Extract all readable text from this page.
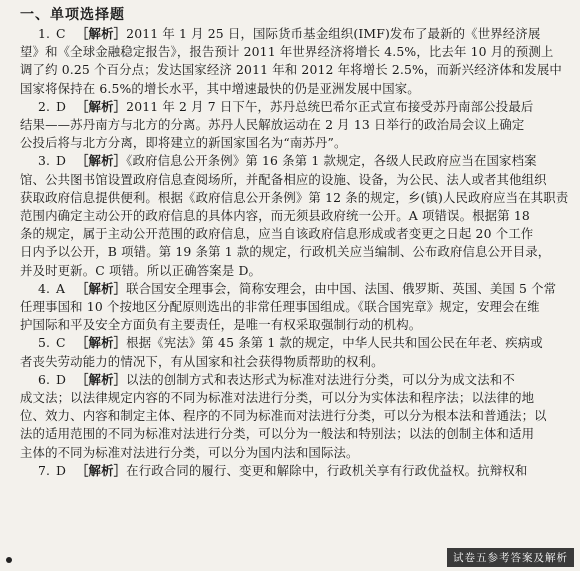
一、单项选择题
1. C ［解析］2011 年 1 月 25 日，国际货币基金组织(IMF)发布了最新的《世界经济展
望》和《全球金融稳定报告》，报告预计 2011 年世界经济将增长 4.5%，比去年 10 月的预测上
调了约 0.25 个百分点；发达国家经济 2011 年和 2012 年将增长 2.5%，而新兴经济体和发展中
国家将保持在 6.5%的增长水平，其中增速最快的仍是亚洲发展中国家。
2. D ［解析］2011 年 2 月 7 日下午，苏丹总统巴希尔正式宣布接受苏丹南部公投最后
结果——苏丹南方与北方的分离。苏丹人民解放运动在 2 月 13 日举行的政治局会议上确定
公投后将与北方分离，即将建立的新国家国名为“南苏丹”。
3. D ［解析］《政府信息公开条例》第 16 条第 1 款规定，各级人民政府应当在国家档案
馆、公共图书馆设置政府信息查阅场所，并配备相应的设施、设备，为公民、法人或者其他组织
获取政府信息提供便利。根据《政府信息公开条例》第 12 条的规定，乡(镇)人民政府应当在其职责
范围内确定主动公开的政府信息的具体内容，而无须县政府统一公开。A 项错误。根据第 18
条的规定，属于主动公开范围的政府信息，应当自该政府信息形成或者变更之日起 20 个工作
日内予以公开，B 项错。第 19 条第 1 款的规定，行政机关应当编制、公布政府信息公开目录，
并及时更新。C 项错。所以正确答案是 D。
4. A ［解析］联合国安全理事会，简称安理会，由中国、法国、俄罗斯、英国、美国 5 个常
任理事国和 10 个按地区分配原则选出的非常任理事国组成。《联合国宪章》规定，安理会在维
护国际和平及安全方面负有主要责任，是唯一有权采取强制行动的机构。
5. C ［解析］根据《宪法》第 45 条第 1 款的规定，中华人民共和国公民在年老、疾病或
者丧失劳动能力的情况下，有从国家和社会获得物质帮助的权利。
6. D ［解析］以法的创制方式和表达形式为标准对法进行分类，可以分为成文法和不
成文法；以法律规定内容的不同为标准对法进行分类，可以分为实体法和程序法；以法律的地
位、效力、内容和制定主体、程序的不同为标准而对法进行分类，可以分为根本法和普通法；以
法的适用范围的不同为标准对法进行分类，可以分为一般法和特别法；以法的创制主体和适用
主体的不同为标准对法进行分类，可以分为国内法和国际法。
7. D ［解析］在行政合同的履行、变更和解除中，行政机关享有行政优益权。抗辩权和
试卷五参考答案及解析
